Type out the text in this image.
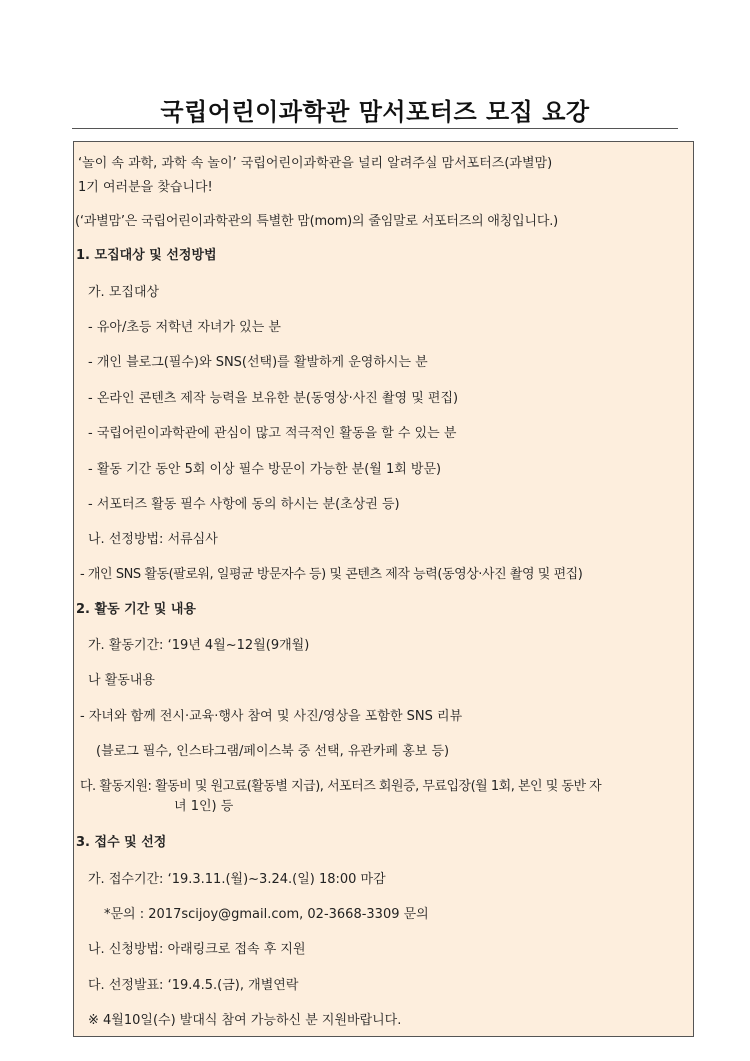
국립어린이과학관 맘서포터즈 모집 요강
‘놀이 속 과학, 과학 속 놀이’ 국립어린이과학관을 널리 알려주실 맘서포터즈(과별맘)
1기 여러분을 찾습니다!
(‘과별맘’은 국립어린이과학관의 특별한 맘(mom)의 줄임말로 서포터즈의 애칭입니다.)
1. 모집대상 및 선정방법
가. 모집대상
- 유아/초등 저학년 자녀가 있는 분
- 개인 블로그(필수)와 SNS(선택)를 활발하게 운영하시는 분
- 온라인 콘텐츠 제작 능력을 보유한 분(동영상·사진 촬영 및 편집)
- 국립어린이과학관에 관심이 많고 적극적인 활동을 할 수 있는 분
- 활동 기간 동안 5회 이상 필수 방문이 가능한 분(월 1회 방문)
- 서포터즈 활동 필수 사항에 동의 하시는 분(초상권 등)
나. 선정방법: 서류심사
- 개인 SNS 활동(팔로워, 일평균 방문자수 등) 및 콘텐츠 제작 능력(동영상·사진 촬영 및 편집)
2. 활동 기간 및 내용
가. 활동기간: ‘19년 4월~12월(9개월)
나 활동내용
- 자녀와 함께 전시·교육·행사 참여 및 사진/영상을 포함한 SNS 리뷰
(블로그 필수, 인스타그램/페이스북 중 선택, 유관카페 홍보 등)
다. 활동지원: 활동비 및 원고료(활동별 지급), 서포터즈 회원증, 무료입장(월 1회, 본인 및 동반 자
녀 1인) 등
3. 접수 및 선정
가. 접수기간: ‘19.3.11.(월)~3.24.(일) 18:00 마감
*문의 : 2017scijoy@gmail.com, 02-3668-3309 문의
나. 신청방법: 아래링크로 접속 후 지원
다. 선정발표: ‘19.4.5.(금), 개별연락
※ 4월10일(수) 발대식 참여 가능하신 분 지원바랍니다.
